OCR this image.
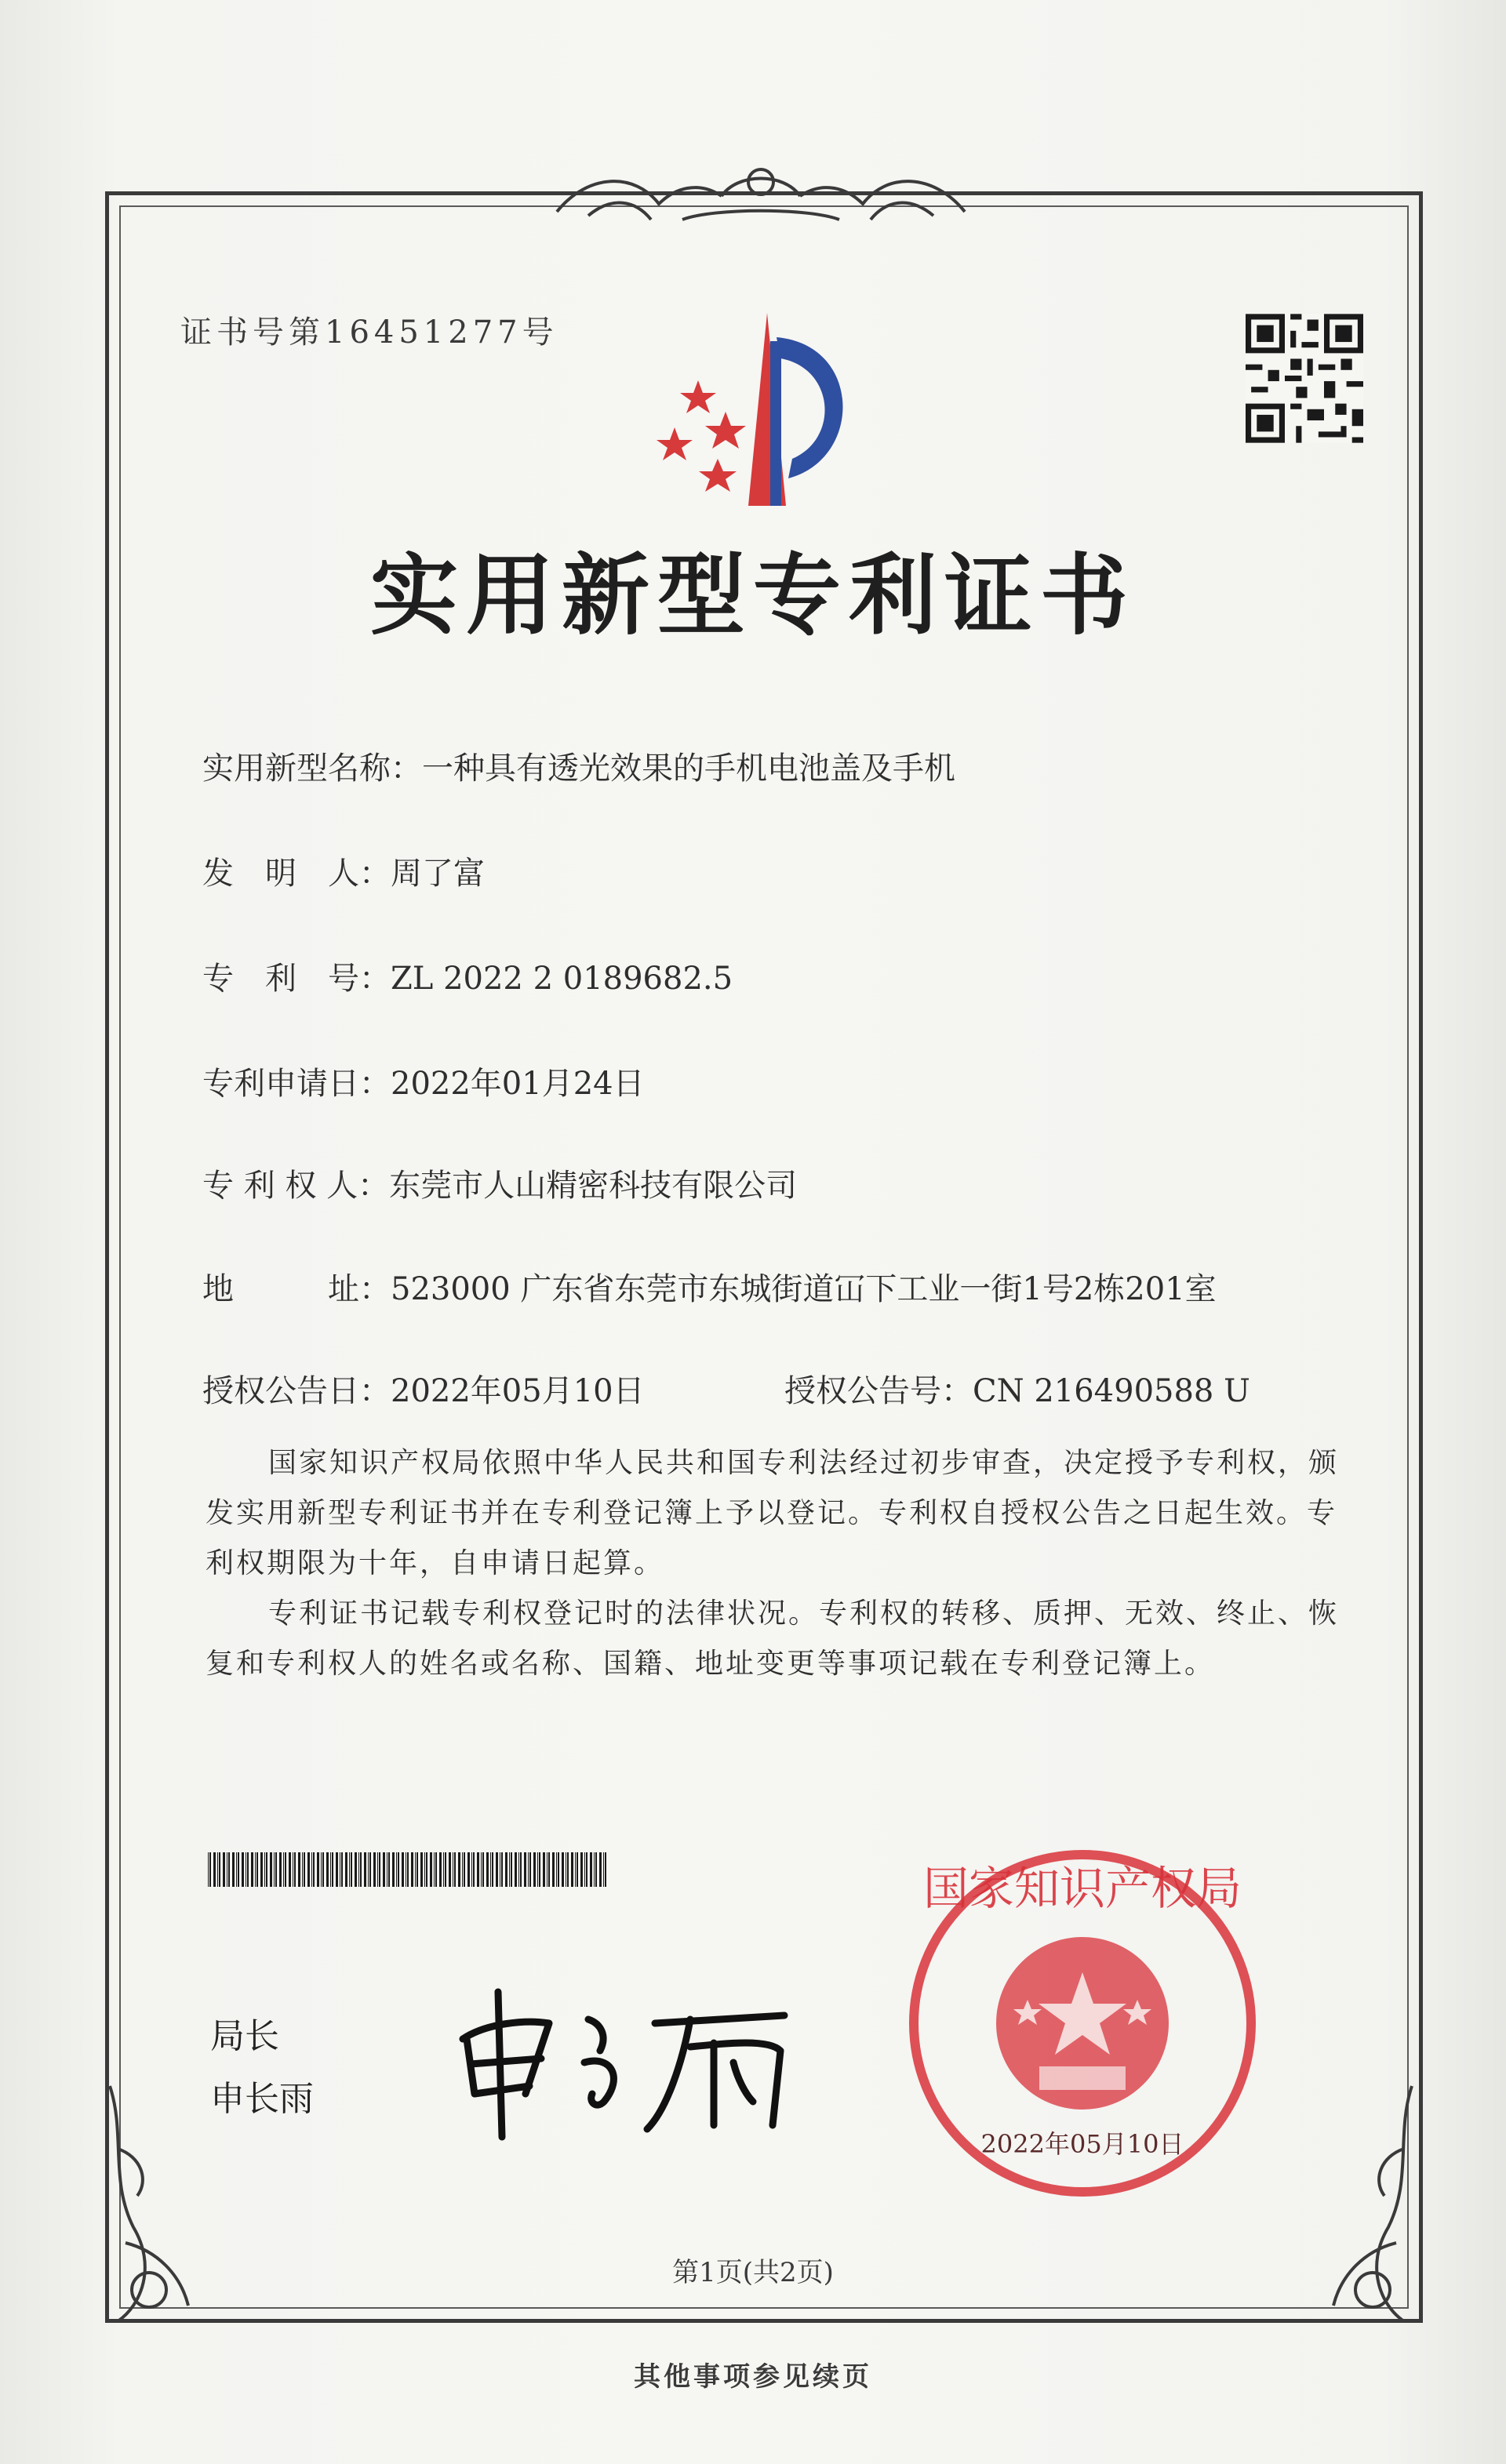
证书号第16451277号
实用新型专利证书
实用新型名称：一种具有透光效果的手机电池盖及手机
发　明　人：周了富
专　利　号：ZL 2022 2 0189682.5
专利申请日：2022年01月24日
专 利 权 人：东莞市人山精密科技有限公司
地　　　址：523000 广东省东莞市东城街道冚下工业一街1号2栋201室
授权公告日：2022年05月10日	授权公告号：CN 216490588 U
国家知识产权局依照中华人民共和国专利法经过初步审查，决定授予专利权，颁发实用新型专利证书并在专利登记簿上予以登记。专利权自授权公告之日起生效。专利权期限为十年，自申请日起算。
专利证书记载专利权登记时的法律状况。专利权的转移、质押、无效、终止、恢复和专利权人的姓名或名称、国籍、地址变更等事项记载在专利登记簿上。
局长
申长雨
国家知识产权局
2022年05月10日
第1页(共2页)
其他事项参见续页
